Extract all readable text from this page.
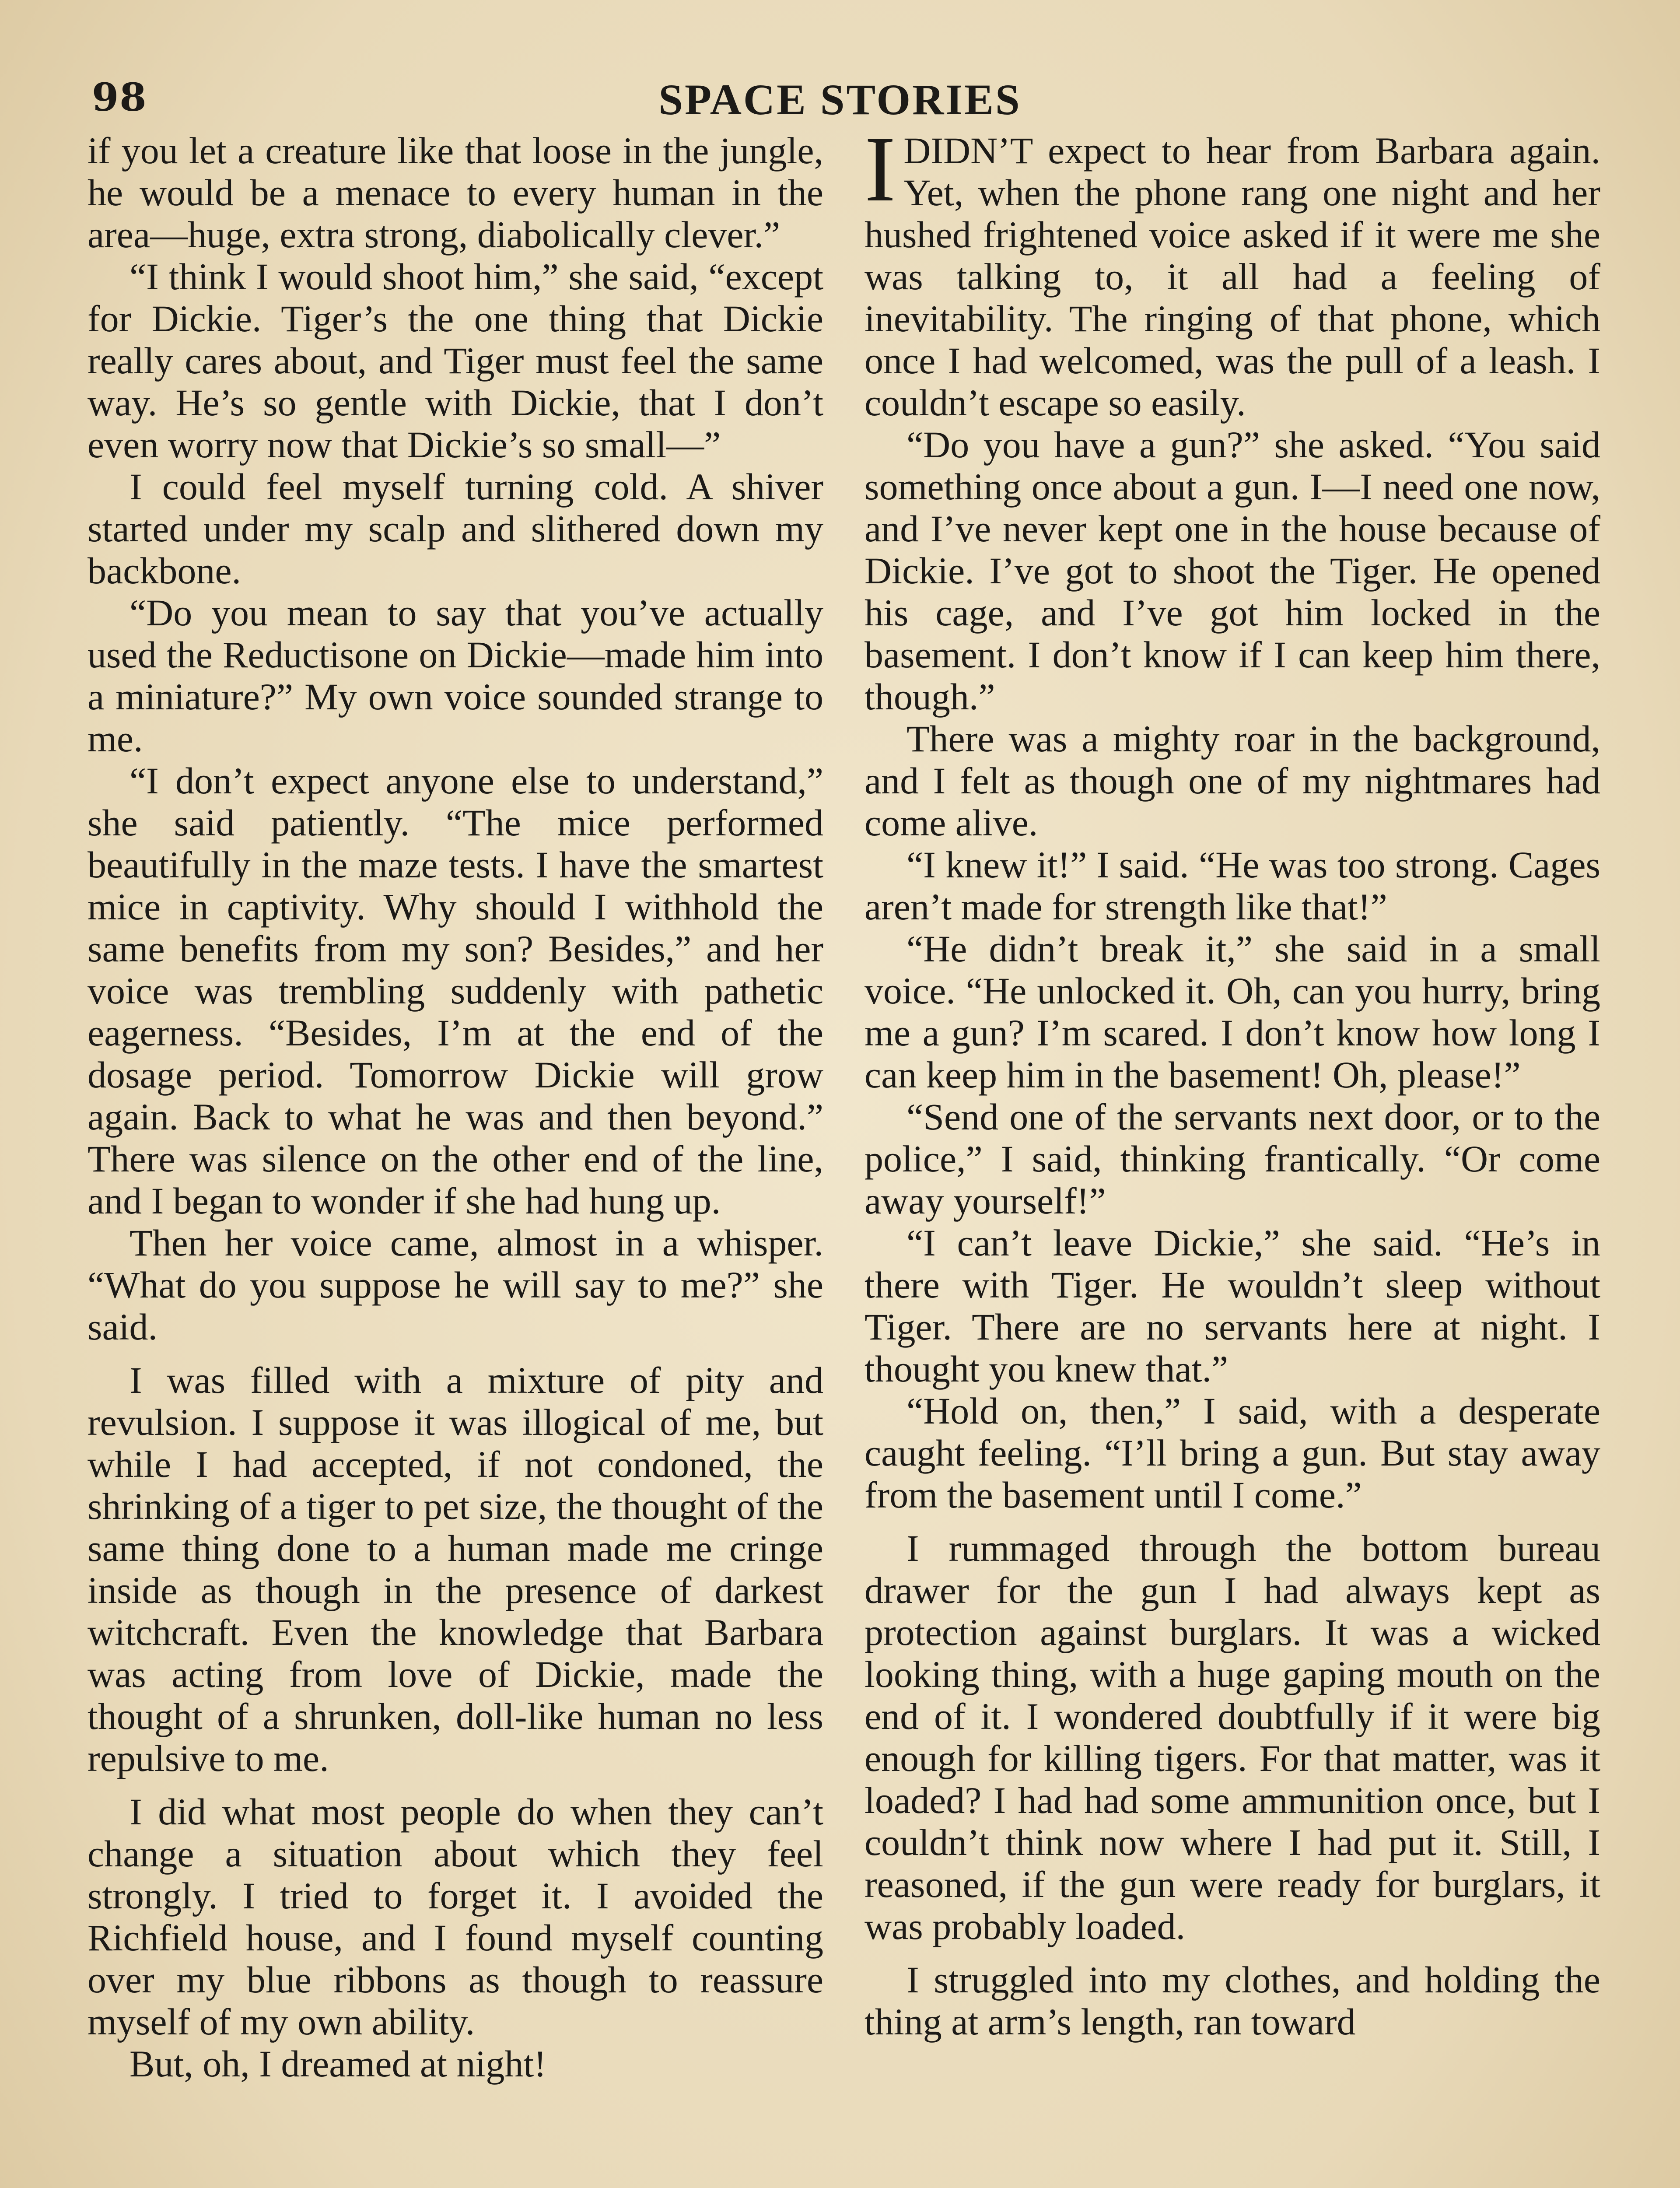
98	SPACE STORIES

if you let a creature like that loose in the jungle, he would be a menace to every human in the area—huge, extra strong, diabolically clever.”

“I think I would shoot him,” she said, “except for Dickie. Tiger’s the one thing that Dickie really cares about, and Tiger must feel the same way. He’s so gentle with Dickie, that I don’t even worry now that Dickie’s so small—”

I could feel myself turning cold. A shiver started under my scalp and slithered down my backbone.

“Do you mean to say that you’ve actually used the Reductisone on Dickie—made him into a miniature?” My own voice sounded strange to me.

“I don’t expect anyone else to understand,” she said patiently. “The mice performed beautifully in the maze tests. I have the smartest mice in captivity. Why should I withhold the same benefits from my son? Besides,” and her voice was trembling suddenly with pathetic eagerness. “Besides, I’m at the end of the dosage period. Tomorrow Dickie will grow again. Back to what he was and then beyond.” There was silence on the other end of the line, and I began to wonder if she had hung up.

Then her voice came, almost in a whisper. “What do you suppose he will say to me?” she said.

I was filled with a mixture of pity and revulsion. I suppose it was illogical of me, but while I had accepted, if not condoned, the shrinking of a tiger to pet size, the thought of the same thing done to a human made me cringe inside as though in the presence of darkest witchcraft. Even the knowledge that Barbara was acting from love of Dickie, made the thought of a shrunken, doll-like human no less repulsive to me.

I did what most people do when they can’t change a situation about which they feel strongly. I tried to forget it. I avoided the Richfield house, and I found myself counting over my blue ribbons as though to reassure myself of my own ability.

But, oh, I dreamed at night!

I DIDN’T expect to hear from Barbara again. Yet, when the phone rang one night and her hushed frightened voice asked if it were me she was talking to, it all had a feeling of inevitability. The ringing of that phone, which once I had welcomed, was the pull of a leash. I couldn’t escape so easily.

“Do you have a gun?” she asked. “You said something once about a gun. I—I need one now, and I’ve never kept one in the house because of Dickie. I’ve got to shoot the Tiger. He opened his cage, and I’ve got him locked in the basement. I don’t know if I can keep him there, though.”

There was a mighty roar in the background, and I felt as though one of my nightmares had come alive.

“I knew it!” I said. “He was too strong. Cages aren’t made for strength like that!”

“He didn’t break it,” she said in a small voice. “He unlocked it. Oh, can you hurry, bring me a gun? I’m scared. I don’t know how long I can keep him in the basement! Oh, please!”

“Send one of the servants next door, or to the police,” I said, thinking frantically. “Or come away yourself!”

“I can’t leave Dickie,” she said. “He’s in there with Tiger. He wouldn’t sleep without Tiger. There are no servants here at night. I thought you knew that.”

“Hold on, then,” I said, with a desperate caught feeling. “I’ll bring a gun. But stay away from the basement until I come.”

I rummaged through the bottom bureau drawer for the gun I had always kept as protection against burglars. It was a wicked looking thing, with a huge gaping mouth on the end of it. I wondered doubtfully if it were big enough for killing tigers. For that matter, was it loaded? I had had some ammunition once, but I couldn’t think now where I had put it. Still, I reasoned, if the gun were ready for burglars, it was probably loaded.

I struggled into my clothes, and holding the thing at arm’s length, ran toward
